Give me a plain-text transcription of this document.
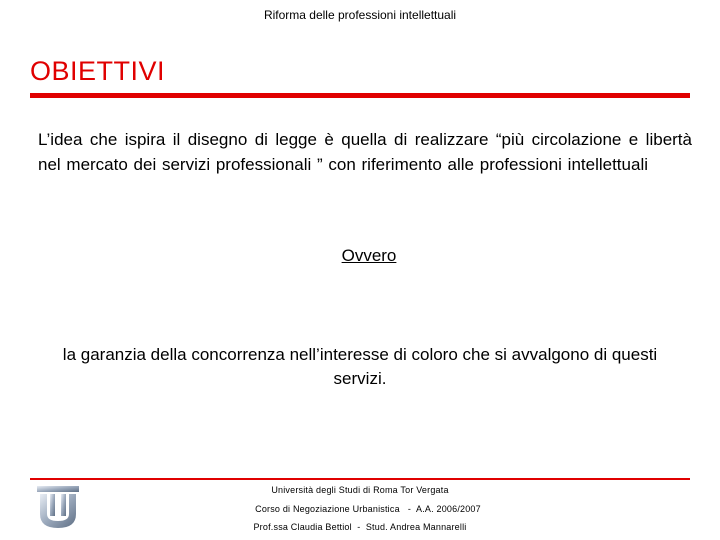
Riforma delle professioni intellettuali
OBIETTIVI

L’idea che ispira il disegno di legge è quella di realizzare “più circolazione e libertà nel mercato dei servizi professionali ” con riferimento alle professioni intellettuali

Ovvero

la garanzia della concorrenza nell’interesse di coloro che si avvalgono di questi servizi.

Università degli Studi di Roma Tor Vergata
Corso di Negoziazione Urbanistica   -  A.A. 2006/2007
Prof.ssa Claudia Bettiol  -  Stud. Andrea Mannarelli
